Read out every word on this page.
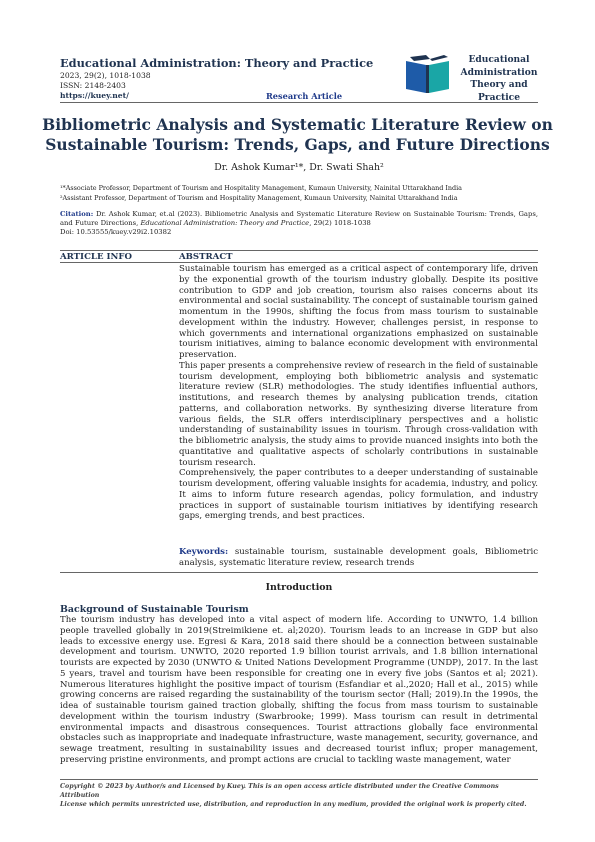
Educational Administration: Theory and Practice
2023, 29(2), 1018-1038
ISSN: 2148-2403
https://kuey.net/	Research Article
Educational
Administration
Theory and Practice
Bibliometric Analysis and Systematic Literature Review on
Sustainable Tourism: Trends, Gaps, and Future Directions
Dr. Ashok Kumar¹*, Dr. Swati Shah²
¹*Associate Professor, Department of Tourism and Hospitality Management, Kumaun University, Nainital Uttarakhand India
²Assistant Professor, Department of Tourism and Hospitality Management, Kumaun University, Nainital Uttarakhand India
Citation: Dr. Ashok Kumar, et.al (2023). Bibliometric Analysis and Systematic Literature Review on Sustainable Tourism: Trends, Gaps, and Future Directions, Educational Administration: Theory and Practice, 29(2) 1018-1038
Doi: 10.53555/kuey.v29i2.10382
ARTICLE INFO	ABSTRACT

Sustainable tourism has emerged as a critical aspect of contemporary life, driven by the exponential growth of the tourism industry globally. Despite its positive contribution to GDP and job creation, tourism also raises concerns about its environmental and social sustainability. The concept of sustainable tourism gained momentum in the 1990s, shifting the focus from mass tourism to sustainable development within the industry. However, challenges persist, in response to which governments and international organizations emphasized on sustainable tourism initiatives, aiming to balance economic development with environmental preservation.

This paper presents a comprehensive review of research in the field of sustainable tourism development, employing both bibliometric analysis and systematic literature review (SLR) methodologies. The study identifies influential authors, institutions, and research themes by analysing publication trends, citation patterns, and collaboration networks. By synthesizing diverse literature from various fields, the SLR offers interdisciplinary perspectives and a holistic understanding of sustainability issues in tourism. Through cross-validation with the bibliometric analysis, the study aims to provide nuanced insights into both the quantitative and qualitative aspects of scholarly contributions in sustainable tourism research.

Comprehensively, the paper contributes to a deeper understanding of sustainable tourism development, offering valuable insights for academia, industry, and policy. It aims to inform future research agendas, policy formulation, and industry practices in support of sustainable tourism initiatives by identifying research gaps, emerging trends, and best practices.

Keywords: sustainable tourism, sustainable development goals, Bibliometric analysis, systematic literature review, research trends
Introduction
Background of Sustainable Tourism
The tourism industry has developed into a vital aspect of modern life. According to UNWTO, 1.4 billion people travelled globally in 2019(Streimikiene et. al;2020). Tourism leads to an increase in GDP but also leads to excessive energy use. Egresi & Kara, 2018 said there should be a connection between sustainable development and tourism. UNWTO, 2020 reported 1.9 billion tourist arrivals, and 1.8 billion international tourists are expected by 2030 (UNWTO & United Nations Development Programme (UNDP), 2017. In the last 5 years, travel and tourism have been responsible for creating one in every five jobs (Santos et al; 2021). Numerous literatures highlight the positive impact of tourism (Esfandiar et al.,2020; Hall et al., 2015) while growing concerns are raised regarding the sustainability of the tourism sector (Hall; 2019).In the 1990s, the idea of sustainable tourism gained traction globally, shifting the focus from mass tourism to sustainable development within the tourism industry (Swarbrooke; 1999). Mass tourism can result in detrimental environmental impacts and disastrous consequences. Tourist attractions globally face environmental obstacles such as inappropriate and inadequate infrastructure, waste management, security, governance, and sewage treatment, resulting in sustainability issues and decreased tourist influx; proper management, preserving pristine environments, and prompt actions are crucial to tackling waste management, water
Copyright © 2023 by Author/s and Licensed by Kuey. This is an open access article distributed under the Creative Commons Attribution
License which permits unrestricted use, distribution, and reproduction in any medium, provided the original work is properly cited.
